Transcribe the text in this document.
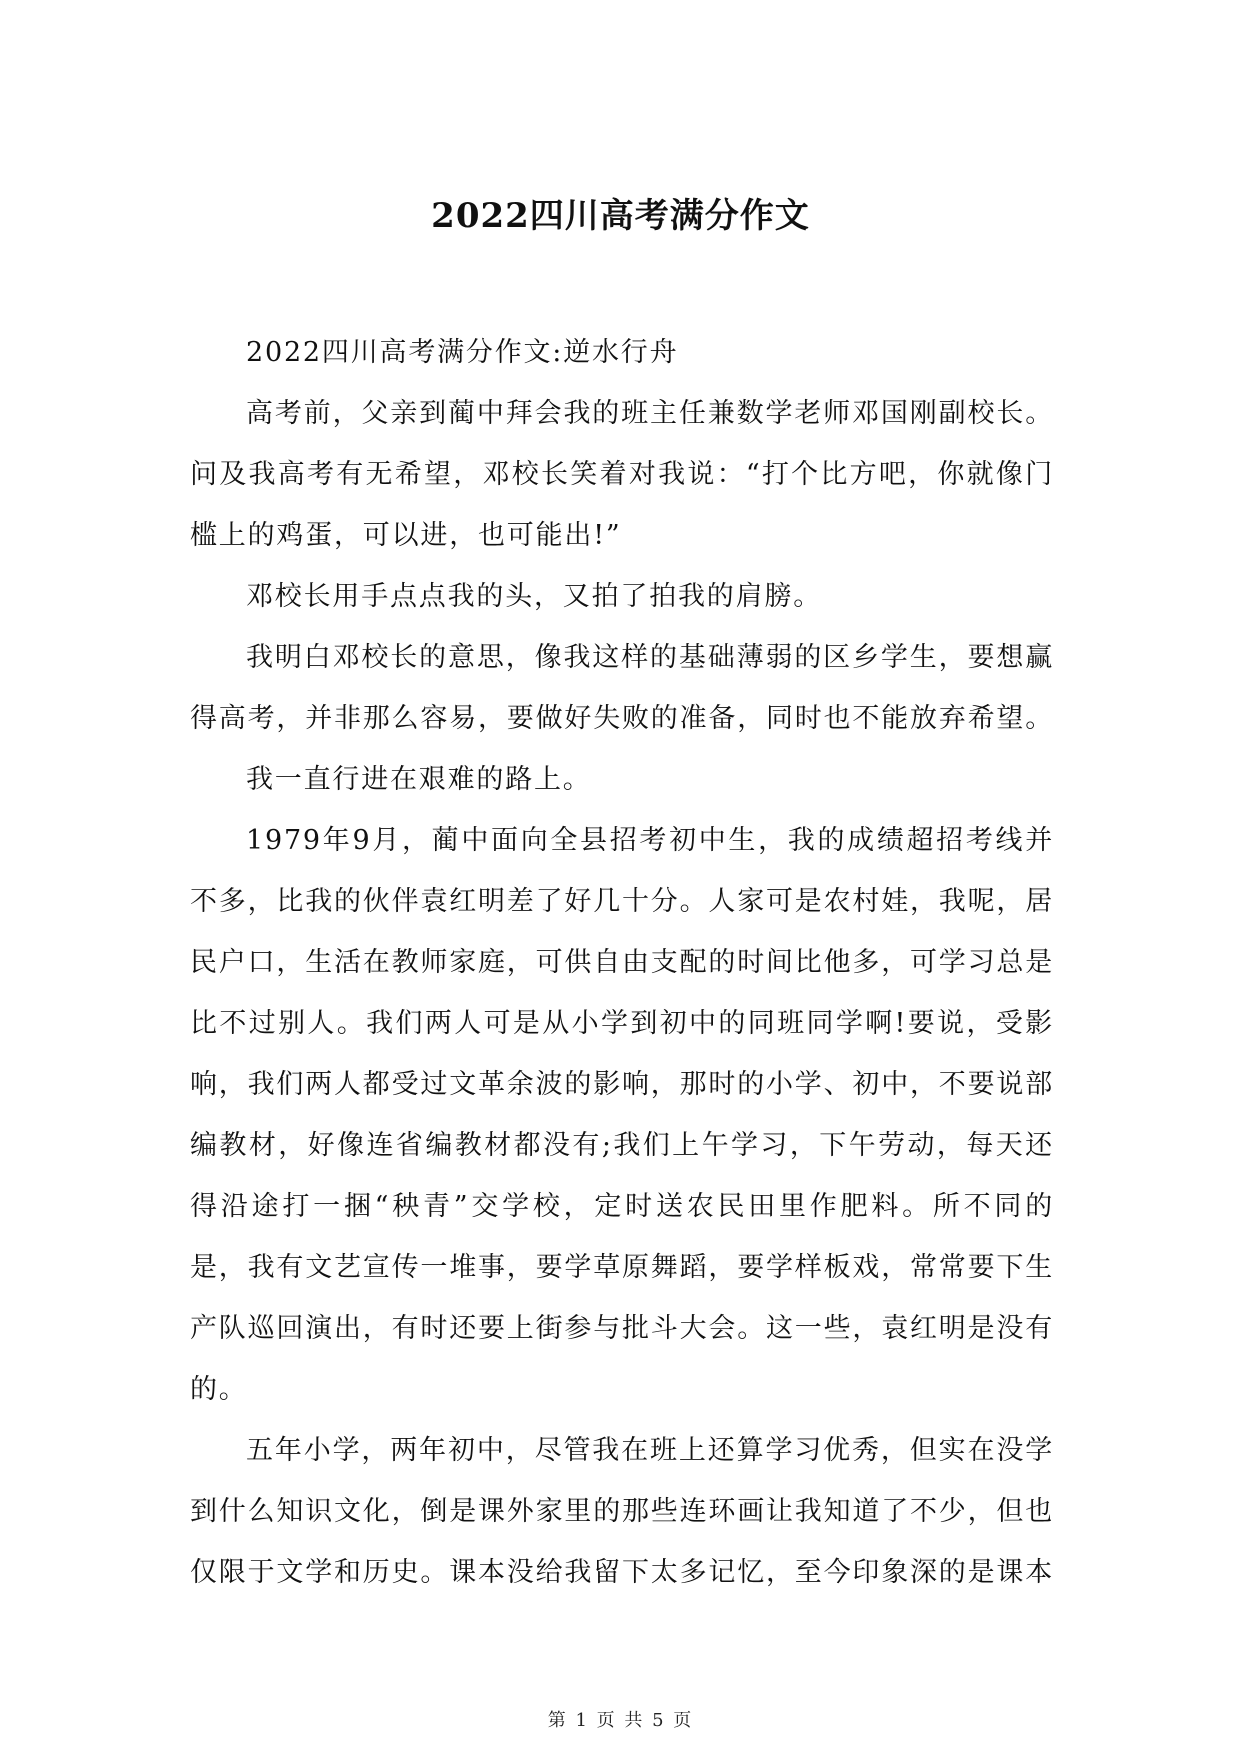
2022四川高考满分作文

2022四川高考满分作文:逆水行舟

高考前，父亲到蔺中拜会我的班主任兼数学老师邓国刚副校长。问及我高考有无希望，邓校长笑着对我说：“打个比方吧，你就像门槛上的鸡蛋，可以进，也可能出!”

邓校长用手点点我的头，又拍了拍我的肩膀。

我明白邓校长的意思，像我这样的基础薄弱的区乡学生，要想赢得高考，并非那么容易，要做好失败的准备，同时也不能放弃希望。

我一直行进在艰难的路上。

1979年9月，蔺中面向全县招考初中生，我的成绩超招考线并不多，比我的伙伴袁红明差了好几十分。人家可是农村娃，我呢，居民户口，生活在教师家庭，可供自由支配的时间比他多，可学习总是比不过别人。我们两人可是从小学到初中的同班同学啊!要说，受影响，我们两人都受过文革余波的影响，那时的小学、初中，不要说部编教材，好像连省编教材都没有;我们上午学习，下午劳动，每天还得沿途打一捆“秧青”交学校，定时送农民田里作肥料。所不同的是，我有文艺宣传一堆事，要学草原舞蹈，要学样板戏，常常要下生产队巡回演出，有时还要上街参与批斗大会。这一些，袁红明是没有的。

五年小学，两年初中，尽管我在班上还算学习优秀，但实在没学到什么知识文化，倒是课外家里的那些连环画让我知道了不少，但也仅限于文学和历史。课本没给我留下太多记忆，至今印象深的是课本

第 1 页 共 5 页
